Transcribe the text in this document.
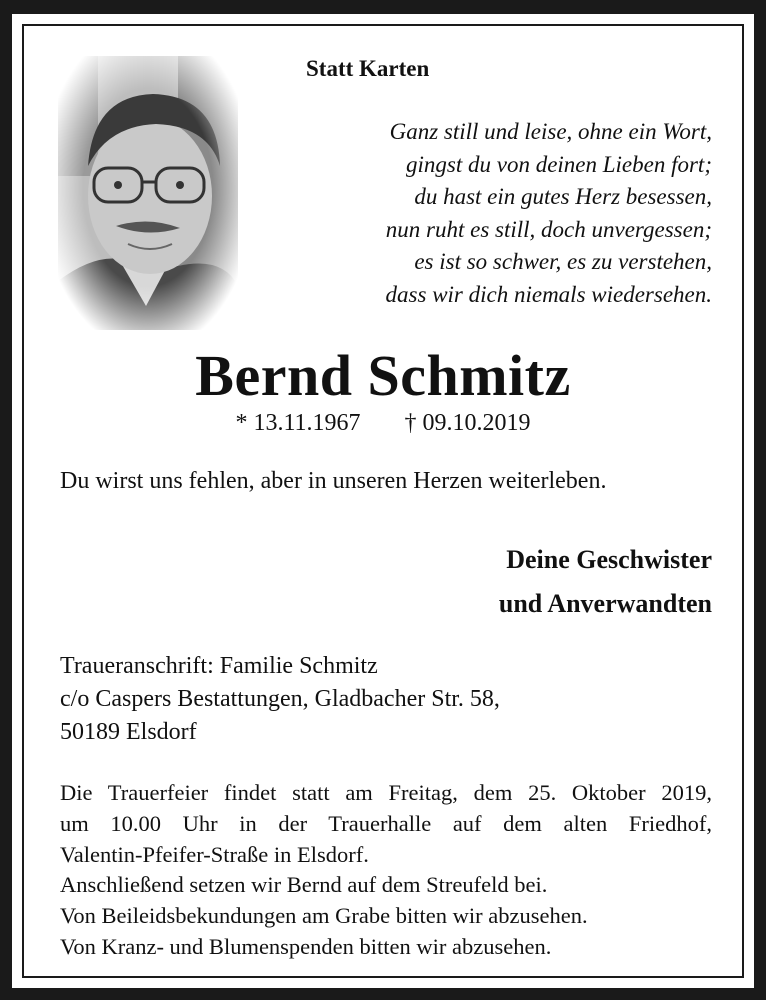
Statt Karten
Ganz still und leise, ohne ein Wort,
gingst du von deinen Lieben fort;
du hast ein gutes Herz besessen,
nun ruht es still, doch unvergessen;
es ist so schwer, es zu verstehen,
dass wir dich niemals wiedersehen.
Bernd Schmitz
* 13.11.1967 † 09.10.2019
Du wirst uns fehlen, aber in unseren Herzen weiterleben.
Deine Geschwister
und Anverwandten
Traueranschrift: Familie Schmitz
c/o Caspers Bestattungen, Gladbacher Str. 58,
50189 Elsdorf
Die Trauerfeier findet statt am Freitag, dem 25. Oktober 2019,
um 10.00 Uhr in der Trauerhalle auf dem alten Friedhof,
Valentin-Pfeifer-Straße in Elsdorf.
Anschließend setzen wir Bernd auf dem Streufeld bei.
Von Beileidsbekundungen am Grabe bitten wir abzusehen.
Von Kranz- und Blumenspenden bitten wir abzusehen.
